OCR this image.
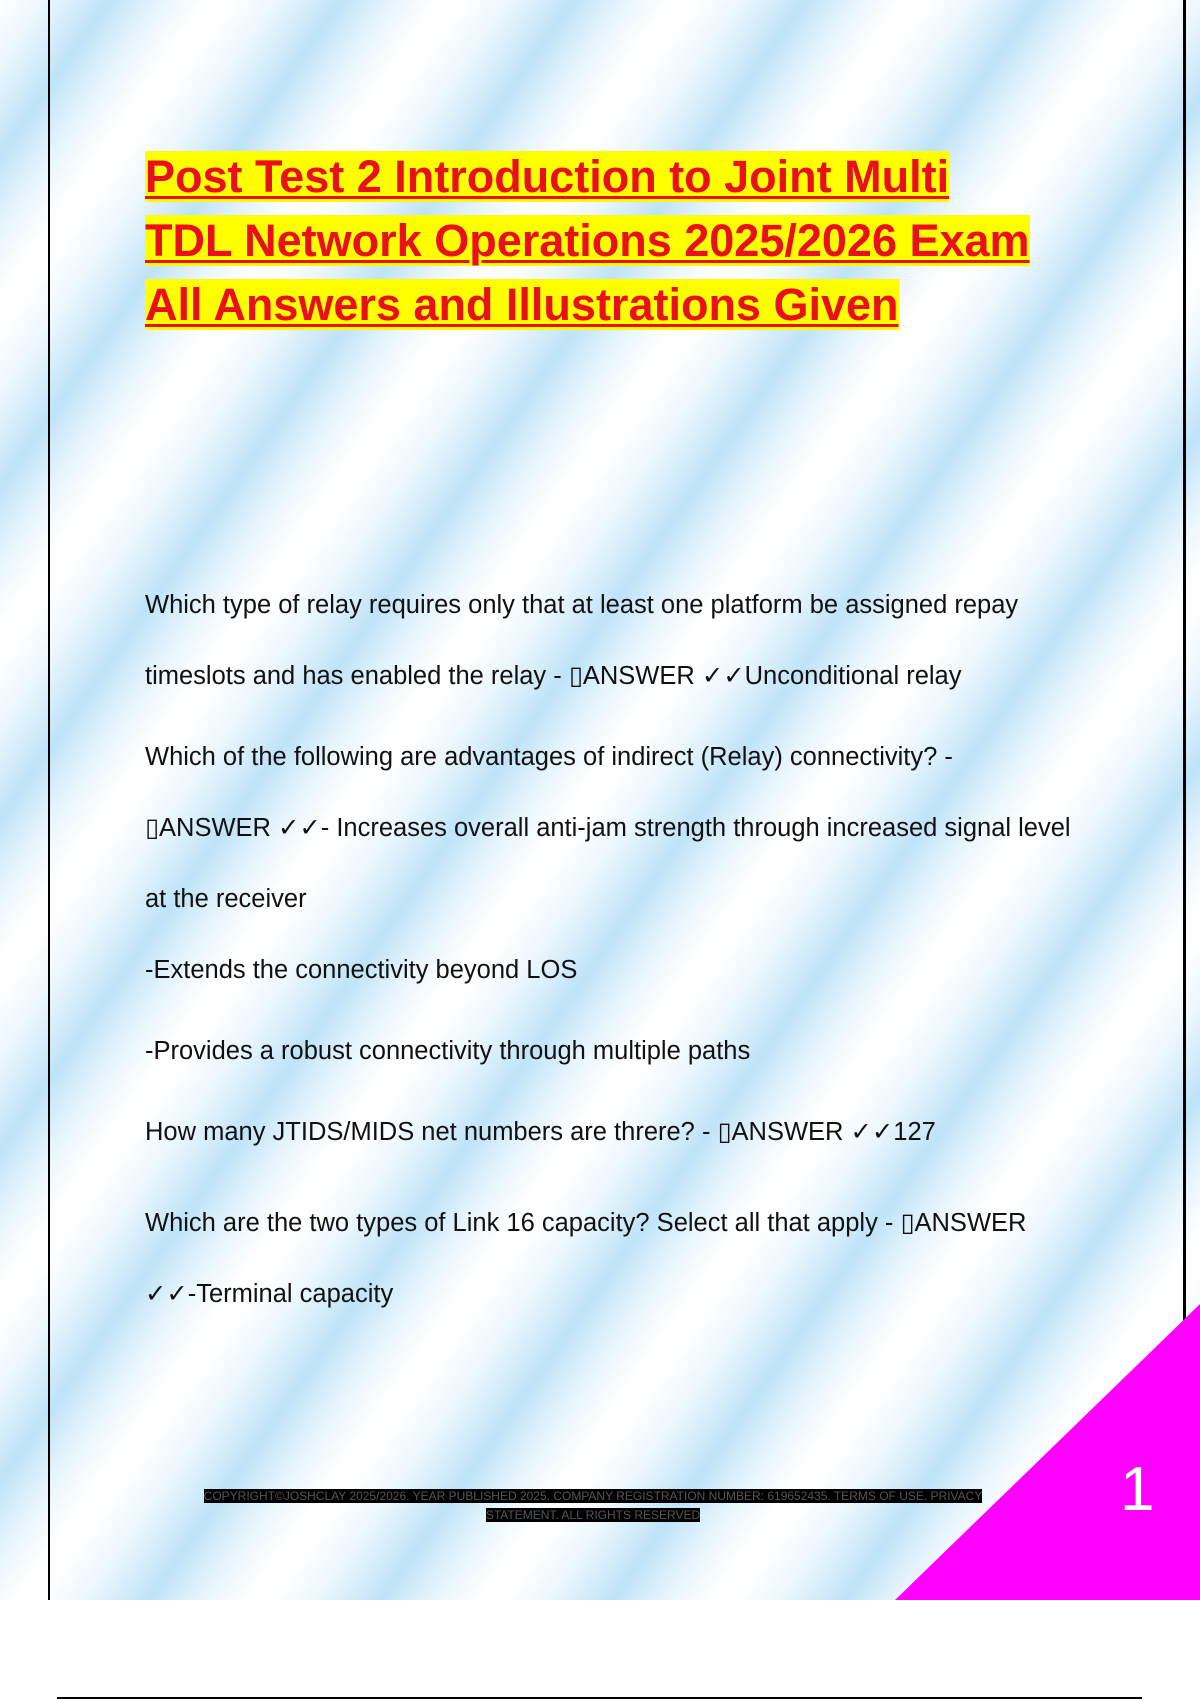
Post Test 2 Introduction to Joint Multi TDL Network Operations 2025/2026 Exam All Answers and Illustrations Given

Which type of relay requires only that at least one platform be assigned repay timeslots and has enabled the relay - ▯ANSWER ✓✓Unconditional relay

Which of the following are advantages of indirect (Relay) connectivity? - ▯ANSWER ✓✓- Increases overall anti-jam strength through increased signal level at the receiver

-Extends the connectivity beyond LOS

-Provides a robust connectivity through multiple paths

How many JTIDS/MIDS net numbers are threre? - ▯ANSWER ✓✓127

Which are the two types of Link 16 capacity? Select all that apply - ▯ANSWER ✓✓-Terminal capacity

1
COPYRIGHT©JOSHCLAY 2025/2026. YEAR PUBLISHED 2025. COMPANY REGISTRATION NUMBER: 619652435. TERMS OF USE. PRIVACY STATEMENT. ALL RIGHTS RESERVED
